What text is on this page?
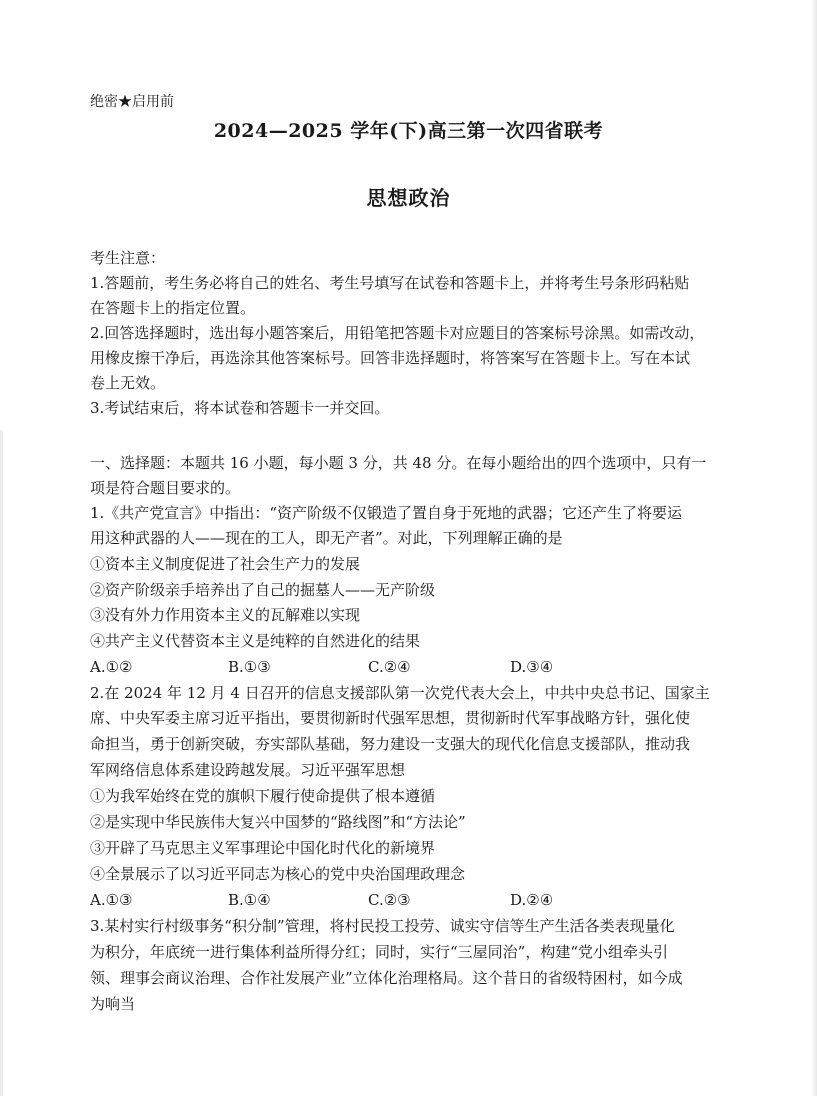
绝密★启用前
2024—2025 学年(下)高三第一次四省联考
思想政治
考生注意：
1.答题前，考生务必将自己的姓名、考生号填写在试卷和答题卡上，并将考生号条形码粘贴
在答题卡上的指定位置。
2.回答选择题时，选出每小题答案后，用铅笔把答题卡对应题目的答案标号涂黑。如需改动，
用橡皮擦干净后，再选涂其他答案标号。回答非选择题时，将答案写在答题卡上。写在本试
卷上无效。
3.考试结束后，将本试卷和答题卡一并交回。
一、选择题：本题共 16 小题，每小题 3 分，共 48 分。在每小题给出的四个选项中，只有一
项是符合题目要求的。
1.《共产党宣言》中指出：“资产阶级不仅锻造了置自身于死地的武器；它还产生了将要运
用这种武器的人——现在的工人，即无产者”。对此，下列理解正确的是
①资本主义制度促进了社会生产力的发展
②资产阶级亲手培养出了自己的掘墓人——无产阶级
③没有外力作用资本主义的瓦解难以实现
④共产主义代替资本主义是纯粹的自然进化的结果
A.①②	B.①③	C.②④	D.③④
2.在 2024 年 12 月 4 日召开的信息支援部队第一次党代表大会上，中共中央总书记、国家主
席、中央军委主席习近平指出，要贯彻新时代强军思想，贯彻新时代军事战略方针，强化使
命担当，勇于创新突破，夯实部队基础，努力建设一支强大的现代化信息支援部队，推动我
军网络信息体系建设跨越发展。习近平强军思想
①为我军始终在党的旗帜下履行使命提供了根本遵循
②是实现中华民族伟大复兴中国梦的“路线图”和“方法论”
③开辟了马克思主义军事理论中国化时代化的新境界
④全景展示了以习近平同志为核心的党中央治国理政理念
A.①③	B.①④	C.②③	D.②④
3.某村实行村级事务“积分制”管理，将村民投工投劳、诚实守信等生产生活各类表现量化
为积分，年底统一进行集体利益所得分红；同时，实行“三屋同治”，构建“党小组牵头引
领、理事会商议治理、合作社发展产业”立体化治理格局。这个昔日的省级特困村，如今成
为响当
